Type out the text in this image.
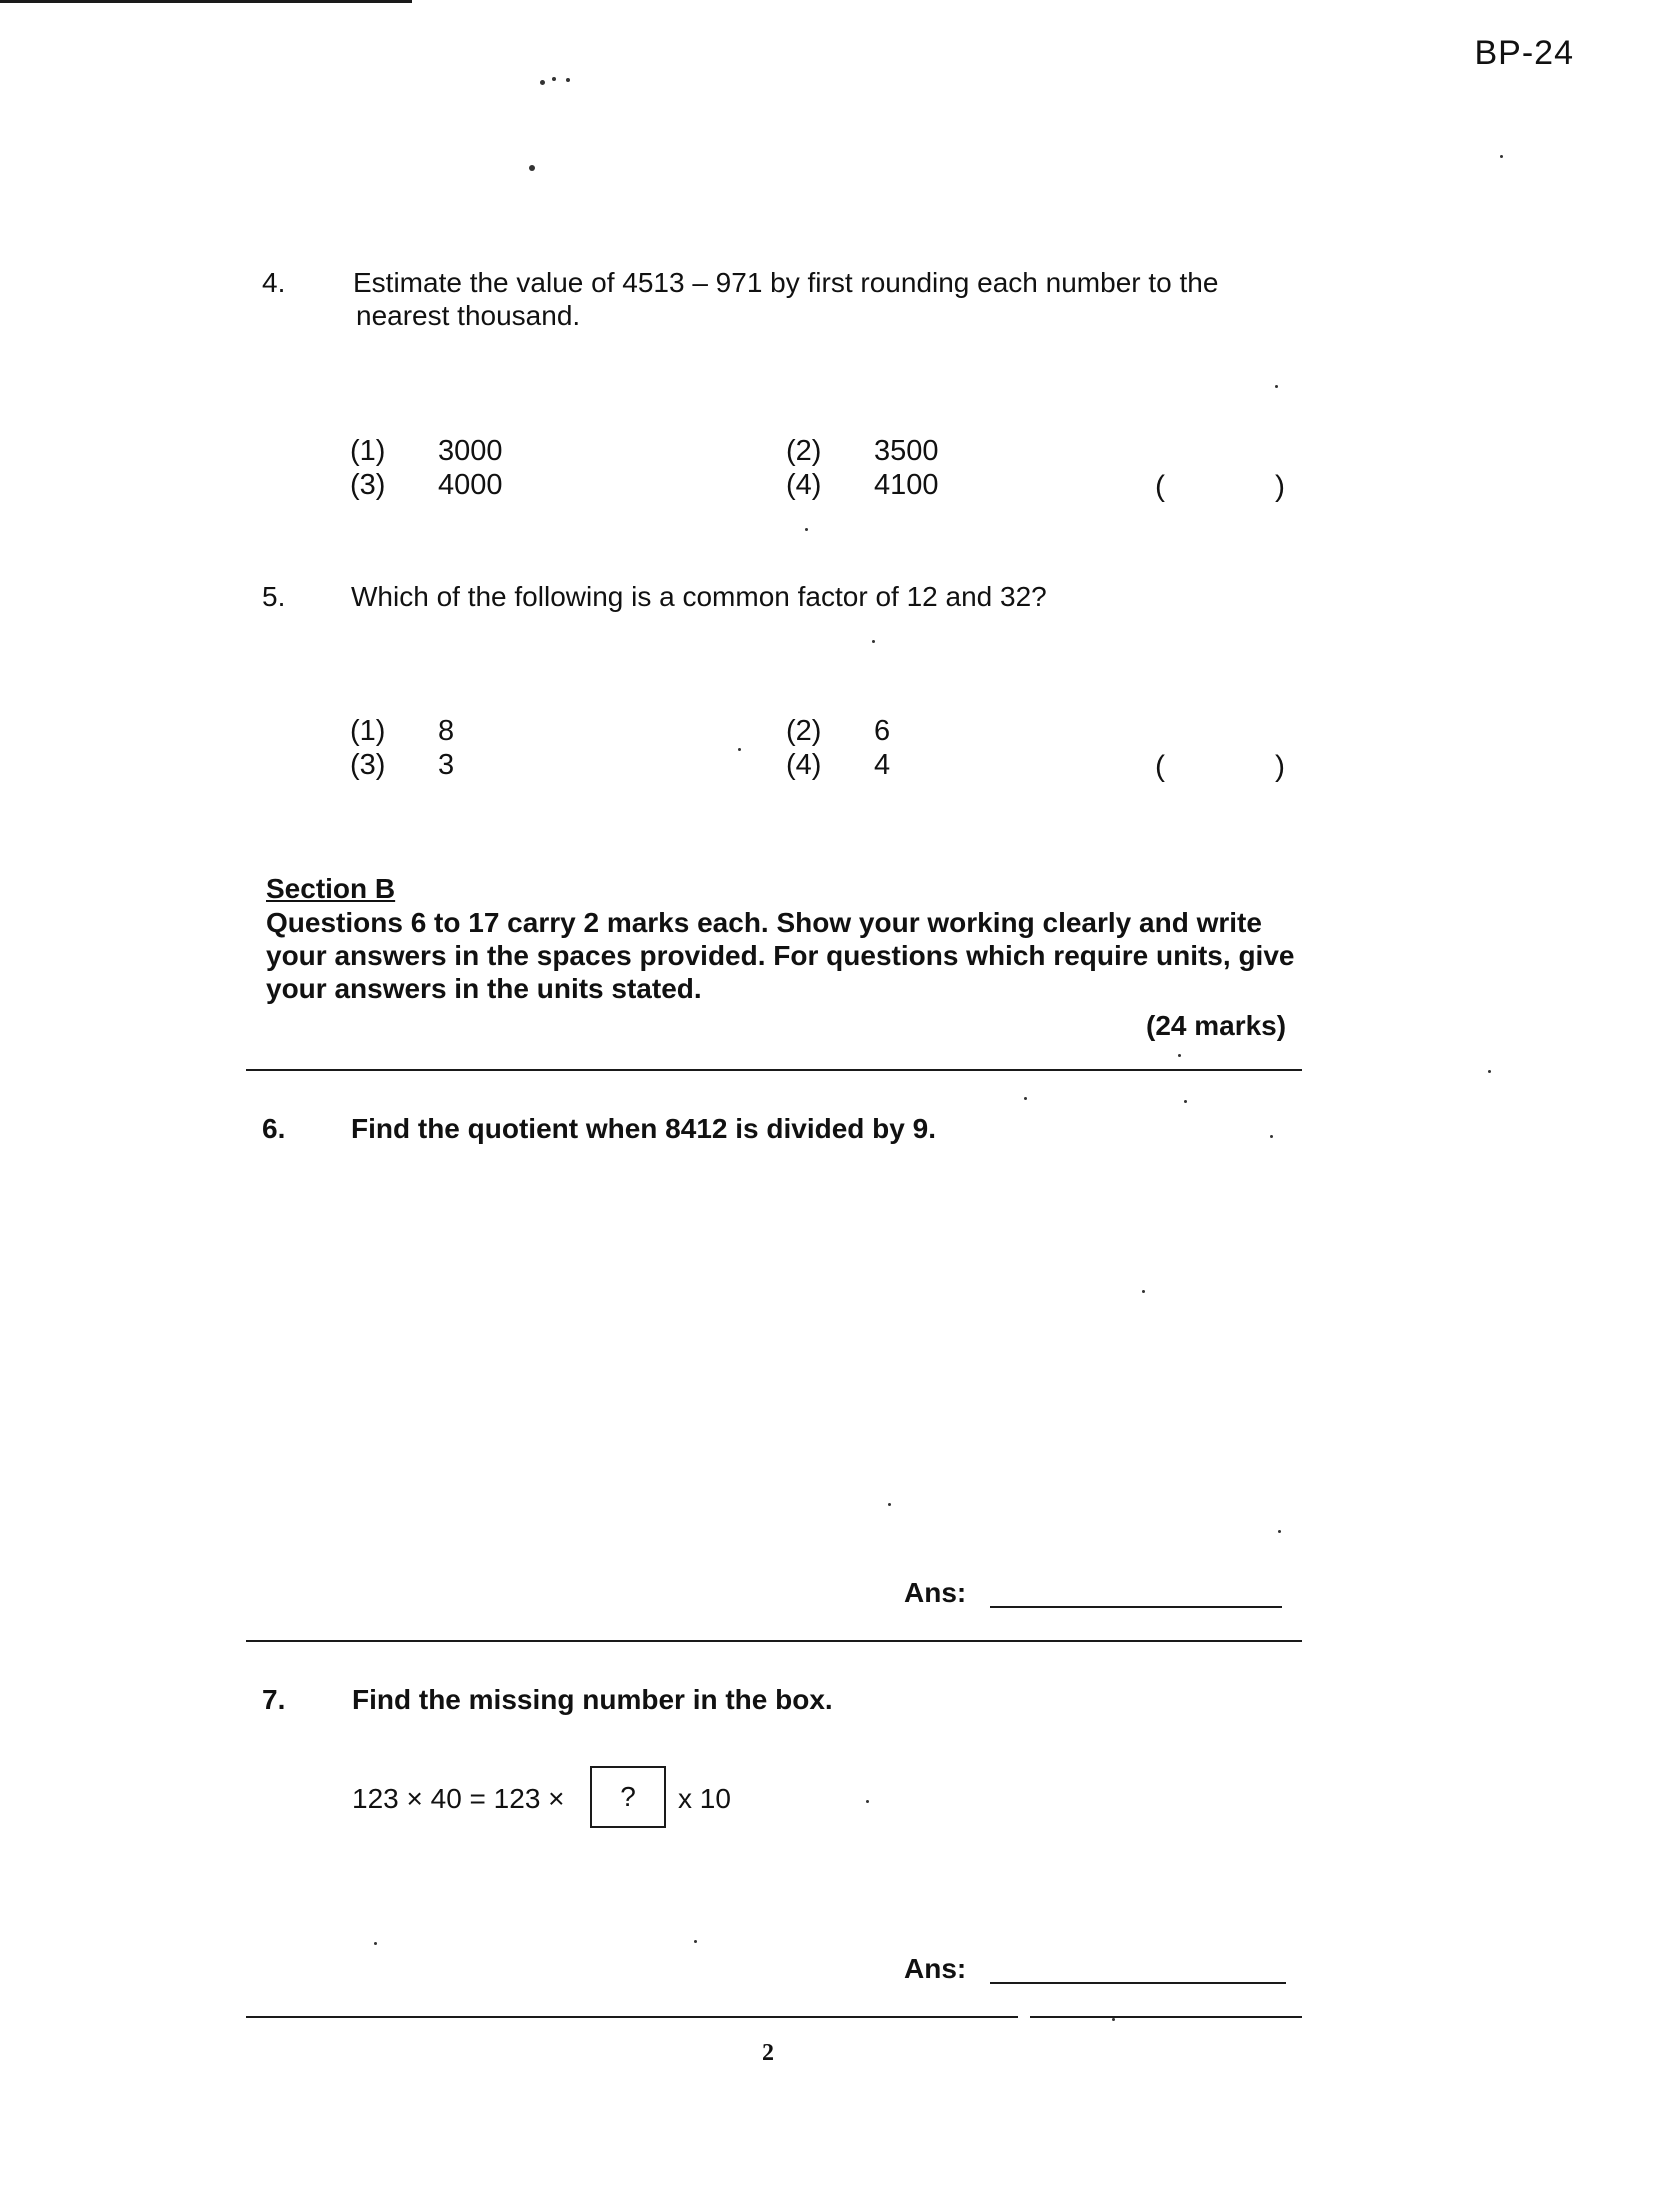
BP-24
4. Estimate the value of 4513 – 971 by first rounding each number to the
nearest thousand.
(1) 3000	(2) 3500
(3) 4000	(4) 4100	(	)
5. Which of the following is a common factor of 12 and 32?
(1) 8	(2) 6
(3) 3	(4) 4	(	)
Section B
Questions 6 to 17 carry 2 marks each. Show your working clearly and write
your answers in the spaces provided. For questions which require units, give
your answers in the units stated.
(24 marks)
6. Find the quotient when 8412 is divided by 9.
Ans:
7. Find the missing number in the box.
123 × 40 = 123 ×	?	x 10
Ans:
2
